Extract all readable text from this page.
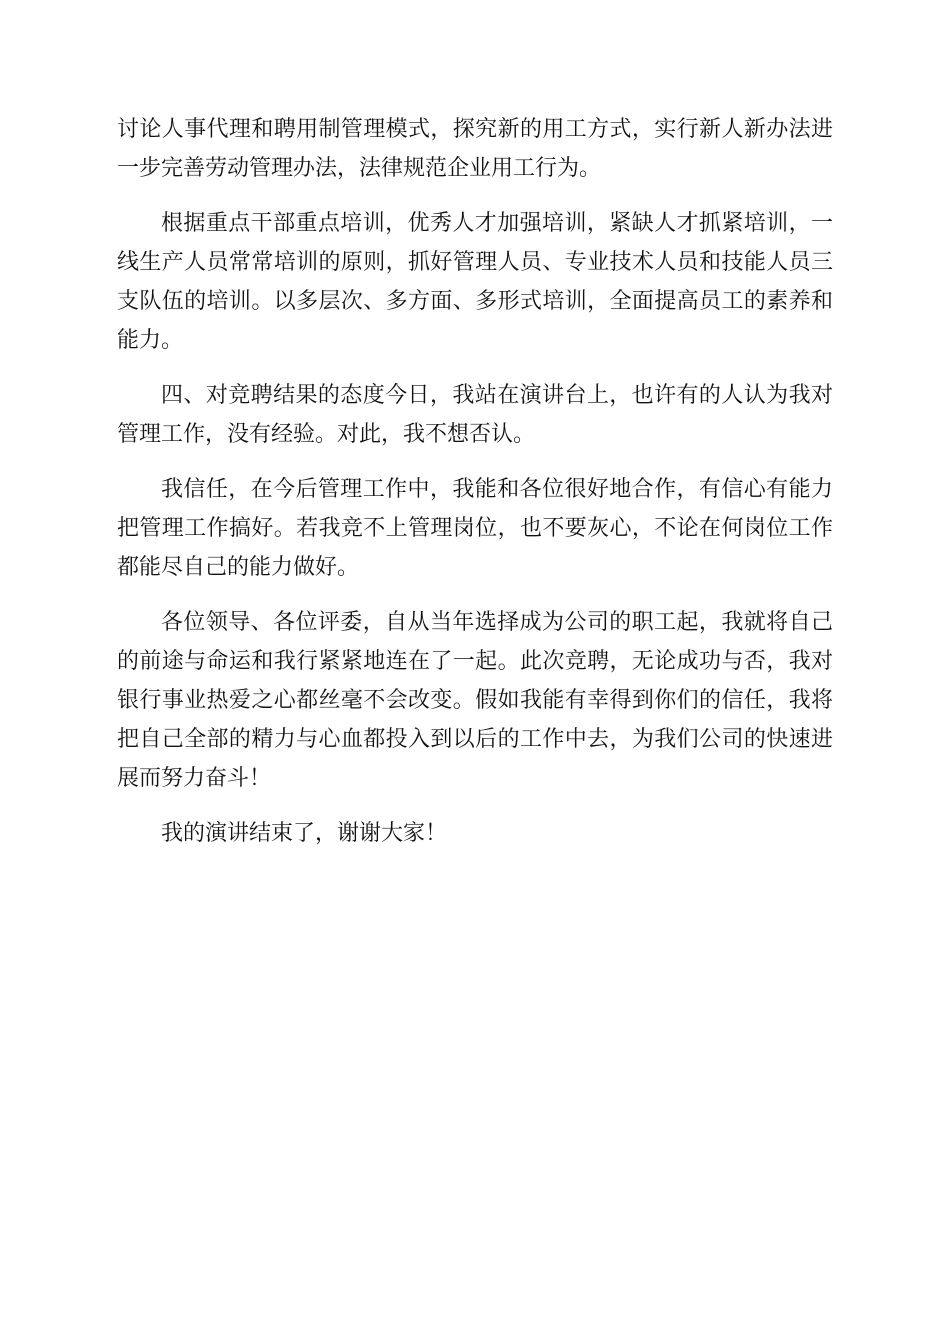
讨论人事代理和聘用制管理模式，探究新的用工方式，实行新人新办法进一步完善劳动管理办法，法律规范企业用工行为。

根据重点干部重点培训，优秀人才加强培训，紧缺人才抓紧培训，一线生产人员常常培训的原则，抓好管理人员、专业技术人员和技能人员三支队伍的培训。以多层次、多方面、多形式培训，全面提高员工的素养和能力。

四、对竞聘结果的态度今日，我站在演讲台上，也许有的人认为我对管理工作，没有经验。对此，我不想否认。

我信任，在今后管理工作中，我能和各位很好地合作，有信心有能力把管理工作搞好。若我竞不上管理岗位，也不要灰心，不论在何岗位工作都能尽自己的能力做好。

各位领导、各位评委，自从当年选择成为公司的职工起，我就将自己的前途与命运和我行紧紧地连在了一起。此次竞聘，无论成功与否，我对银行事业热爱之心都丝毫不会改变。假如我能有幸得到你们的信任，我将把自己全部的精力与心血都投入到以后的工作中去，为我们公司的快速进展而努力奋斗！

我的演讲结束了，谢谢大家！
